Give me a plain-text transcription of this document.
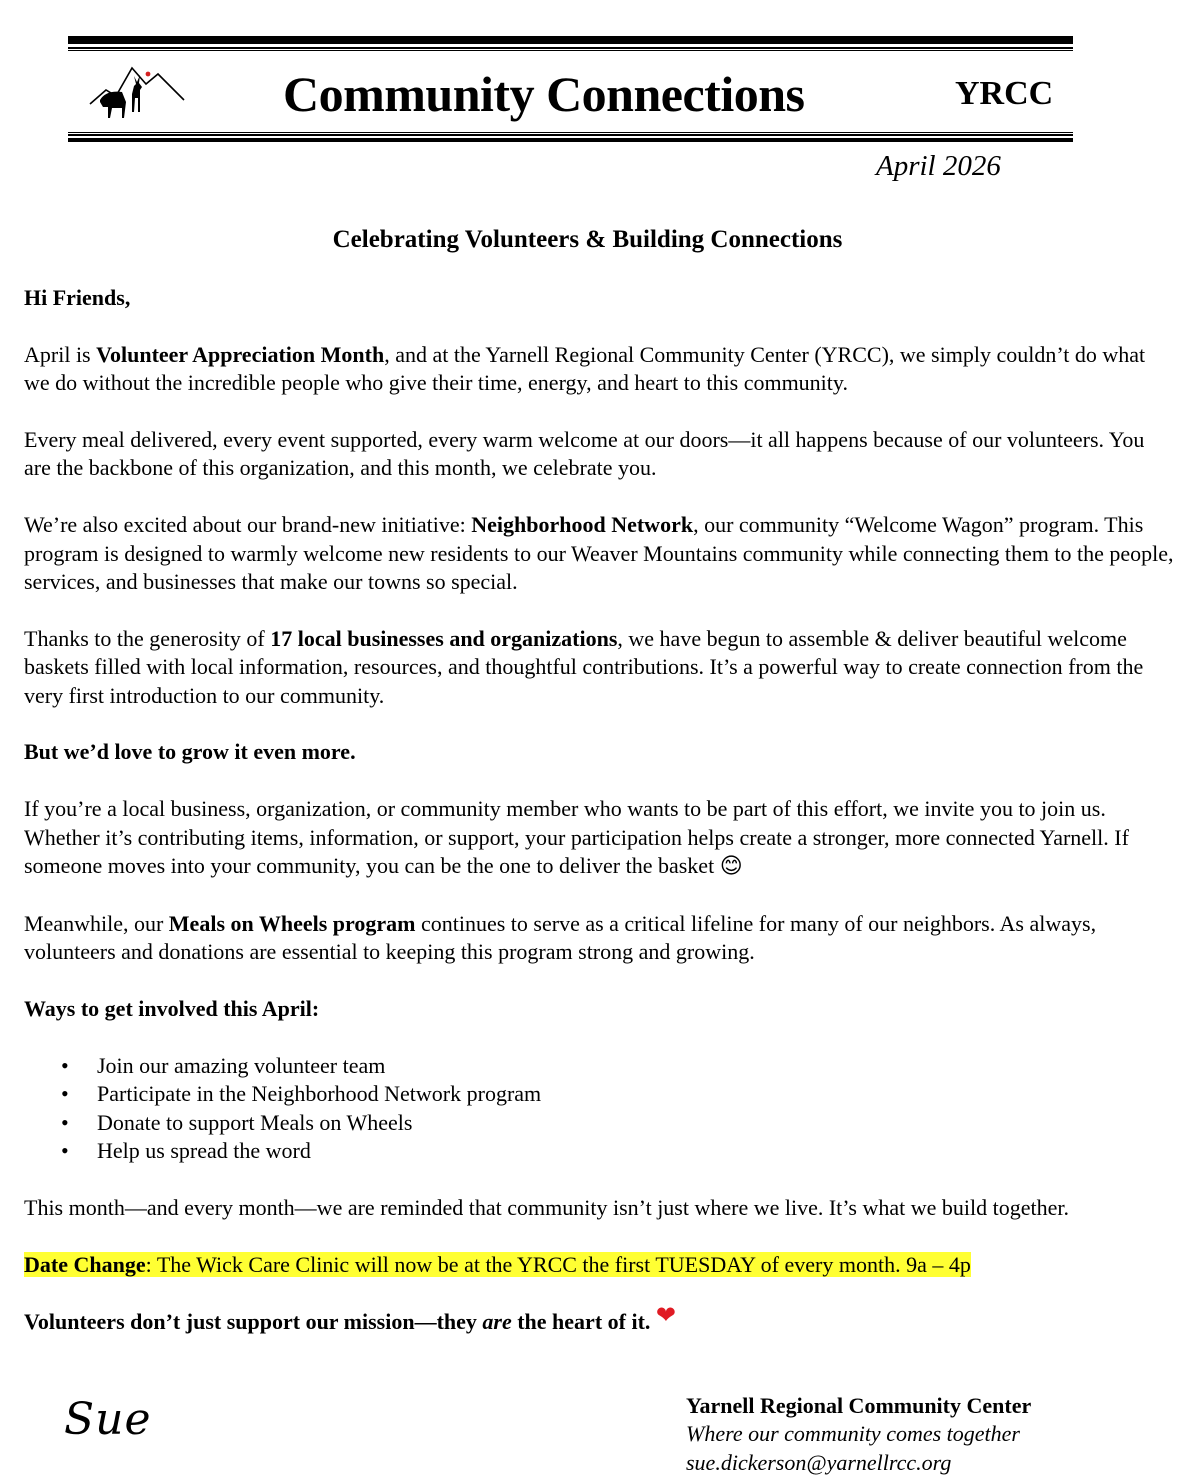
Community Connections	YRCC
April 2026
Celebrating Volunteers & Building Connections

Hi Friends,

April is Volunteer Appreciation Month, and at the Yarnell Regional Community Center (YRCC), we simply couldn’t do what we do without the incredible people who give their time, energy, and heart to this community.

Every meal delivered, every event supported, every warm welcome at our doors—it all happens because of our volunteers. You are the backbone of this organization, and this month, we celebrate you.

We’re also excited about our brand-new initiative: Neighborhood Network, our community “Welcome Wagon” program. This program is designed to warmly welcome new residents to our Weaver Mountains community while connecting them to the people, services, and businesses that make our towns so special.

Thanks to the generosity of 17 local businesses and organizations, we have begun to assemble & deliver beautiful welcome baskets filled with local information, resources, and thoughtful contributions. It’s a powerful way to create connection from the very first introduction to our community.

But we’d love to grow it even more.

If you’re a local business, organization, or community member who wants to be part of this effort, we invite you to join us. Whether it’s contributing items, information, or support, your participation helps create a stronger, more connected Yarnell. If someone moves into your community, you can be the one to deliver the basket 😊

Meanwhile, our Meals on Wheels program continues to serve as a critical lifeline for many of our neighbors. As always, volunteers and donations are essential to keeping this program strong and growing.

Ways to get involved this April:

• Join our amazing volunteer team
• Participate in the Neighborhood Network program
• Donate to support Meals on Wheels
• Help us spread the word

This month—and every month—we are reminded that community isn’t just where we live. It’s what we build together.

Date Change: The Wick Care Clinic will now be at the YRCC the first TUESDAY of every month. 9a – 4p

Volunteers don’t just support our mission—they are the heart of it. ❤

Sue	Yarnell Regional Community Center
Where our community comes together
sue.dickerson@yarnellrcc.org
